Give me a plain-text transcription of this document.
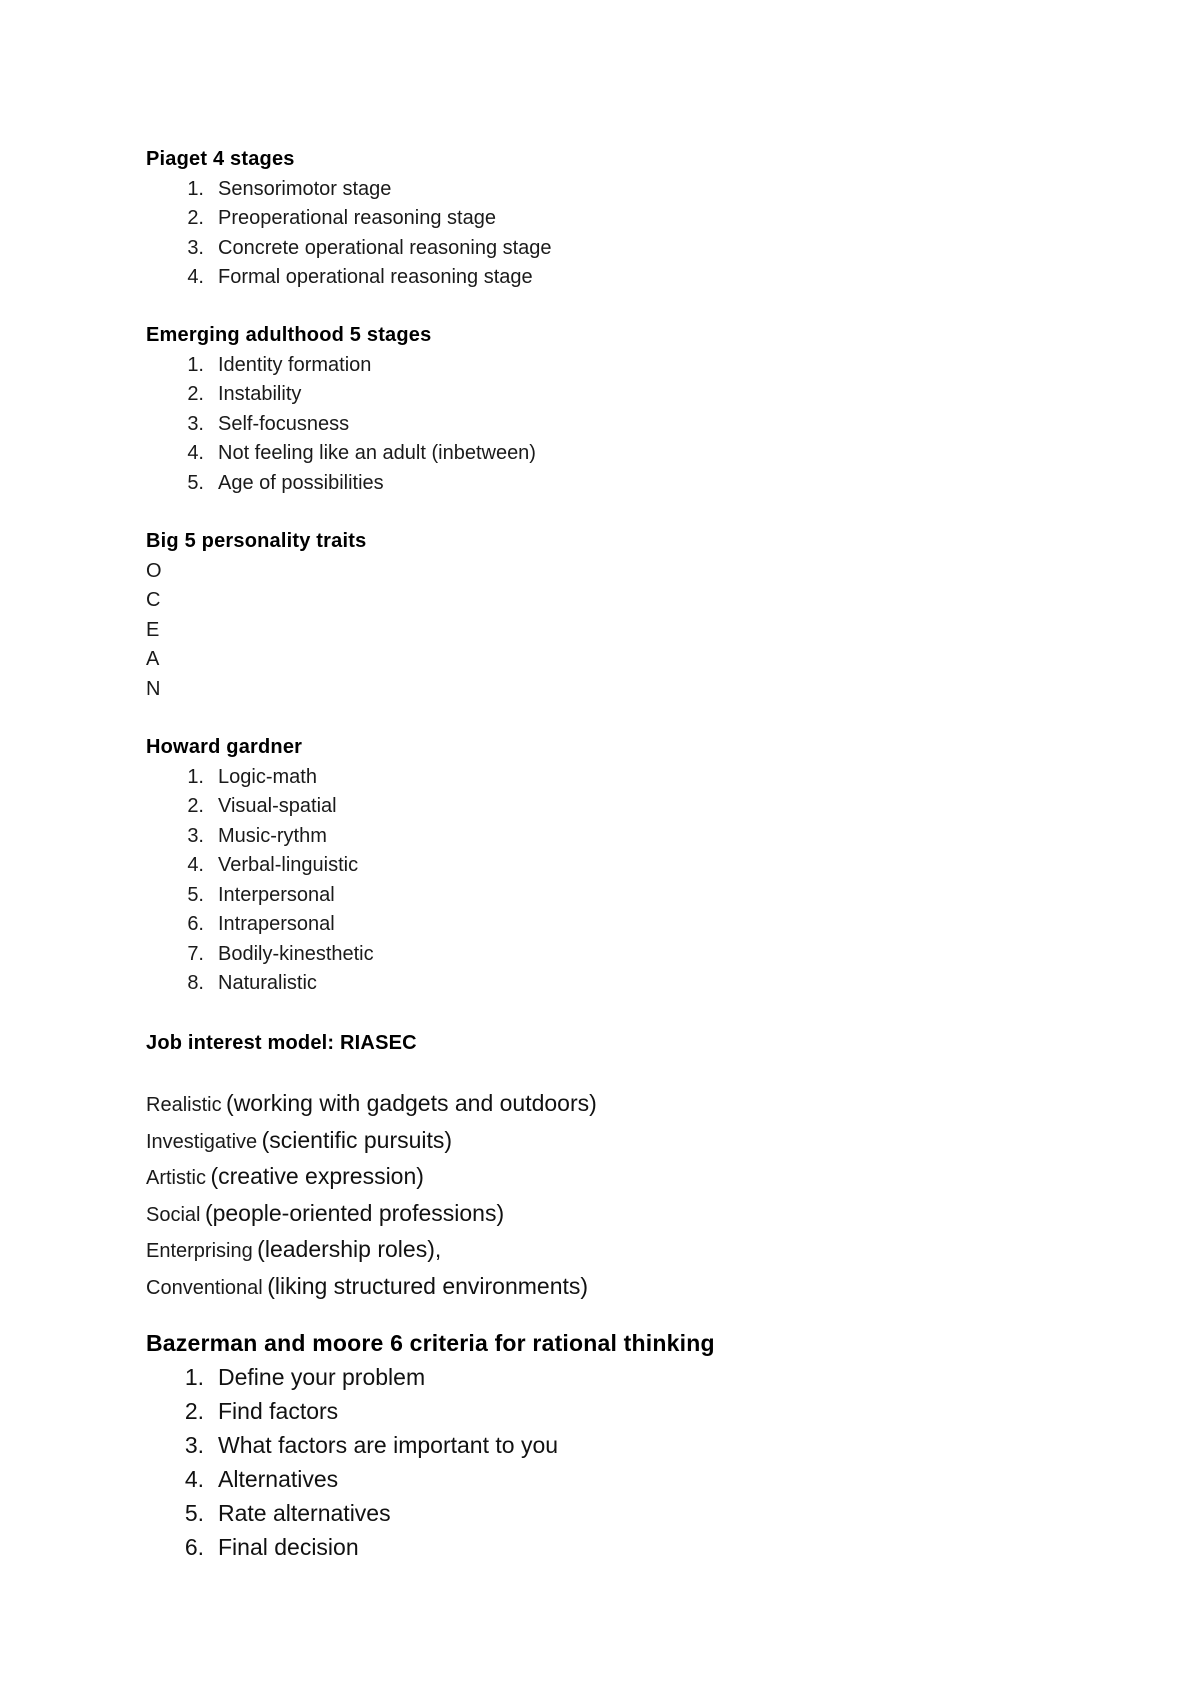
Piaget 4 stages

1. Sensorimotor stage
2. Preoperational reasoning stage
3. Concrete operational reasoning stage
4. Formal operational reasoning stage

Emerging adulthood 5 stages

1. Identity formation
2. Instability
3. Self-focusness
4. Not feeling like an adult (inbetween)
5. Age of possibilities

Big 5 personality traits

O
C
E
A
N

Howard gardner

1. Logic-math
2. Visual-spatial
3. Music-rythm
4. Verbal-linguistic
5. Interpersonal
6. Intrapersonal
7. Bodily-kinesthetic
8. Naturalistic

Job interest model: RIASEC

Realistic (working with gadgets and outdoors)
Investigative (scientific pursuits)
Artistic (creative expression)
Social (people-oriented professions)
Enterprising (leadership roles),
Conventional (liking structured environments)

Bazerman and moore 6 criteria for rational thinking

1. Define your problem
2. Find factors
3. What factors are important to you
4. Alternatives
5. Rate alternatives
6. Final decision
